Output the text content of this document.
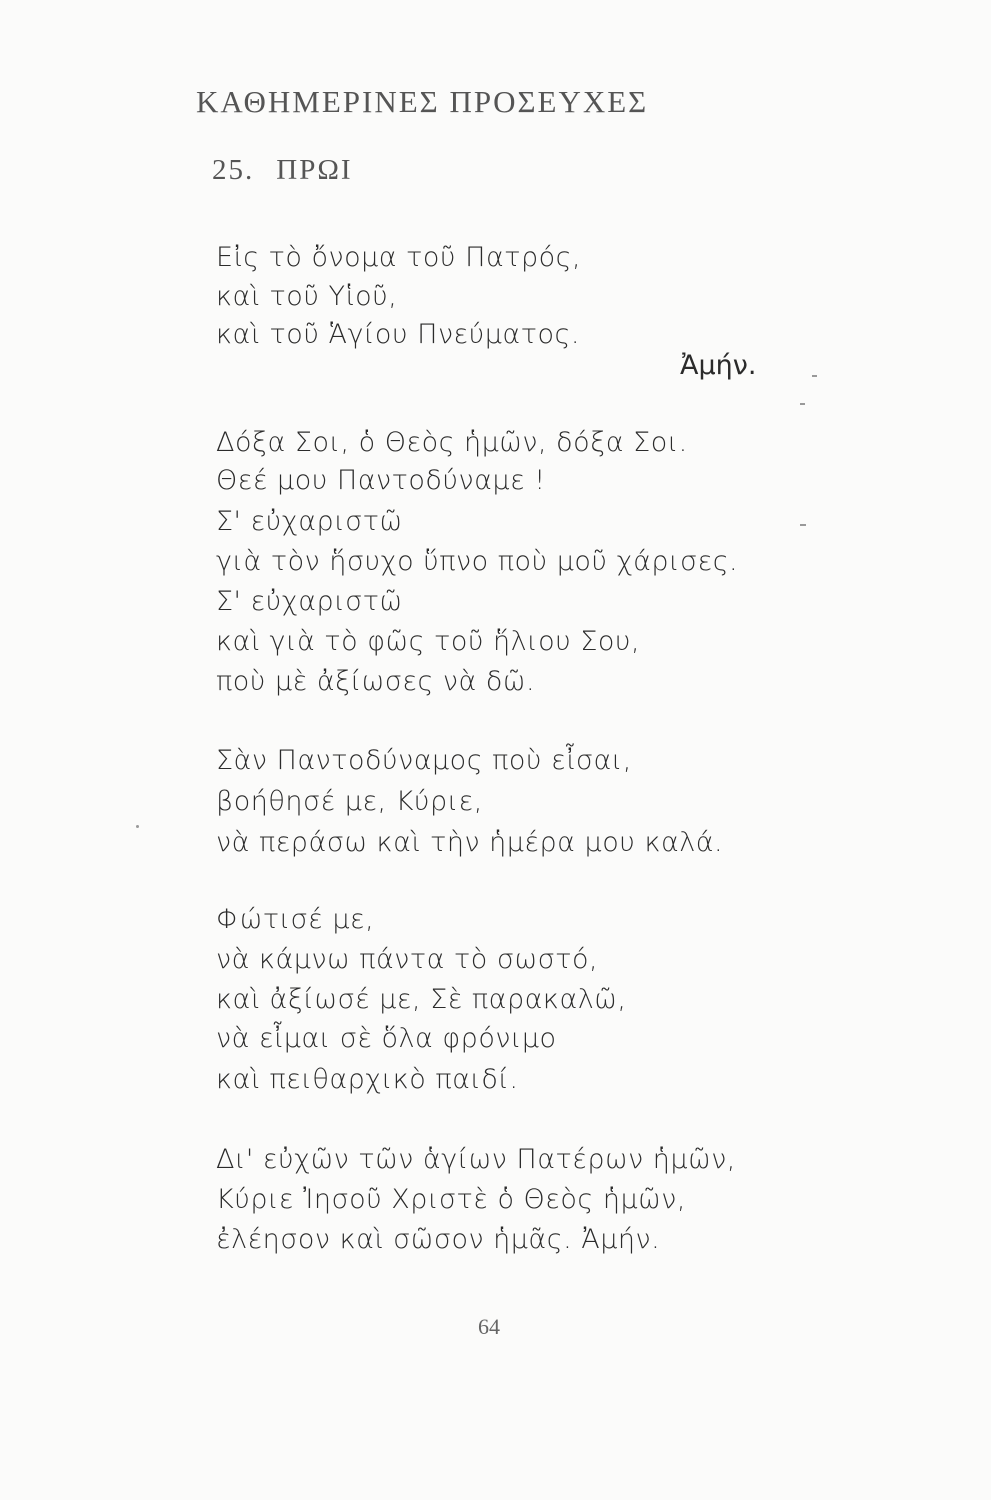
ΚΑΘΗΜΕΡΙΝΕΣ ΠΡΟΣΕΥΧΕΣ
25. ΠΡΩΙ
Εἰς τὸ ὄνομα τοῦ Πατρός,
καὶ τοῦ Υἱοῦ,
καὶ τοῦ Ἁγίου Πνεύματος.
Ἀμήν.
Δόξα Σοι, ὁ Θεὸς ἡμῶν, δόξα Σοι.
Θεέ μου Παντοδύναμε !
Σ' εὐχαριστῶ
γιὰ τὸν ἥσυχο ὕπνο ποὺ μοῦ χάρισες.
Σ' εὐχαριστῶ
καὶ γιὰ τὸ φῶς τοῦ ἥλιου Σου,
ποὺ μὲ ἀξίωσες νὰ δῶ.
Σὰν Παντοδύναμος ποὺ εἶσαι,
βοήθησέ με, Κύριε,
νὰ περάσω καὶ τὴν ἡμέρα μου καλά.
Φώτισέ με,
νὰ κάμνω πάντα τὸ σωστό,
καὶ ἀξίωσέ με, Σὲ παρακαλῶ,
νὰ εἶμαι σὲ ὅλα φρόνιμο
καὶ πειθαρχικὸ παιδί.
Δι' εὐχῶν τῶν ἁγίων Πατέρων ἡμῶν,
Κύριε Ἰησοῦ Χριστὲ ὁ Θεὸς ἡμῶν,
ἐλέησον καὶ σῶσον ἡμᾶς. Ἀμήν.
64
